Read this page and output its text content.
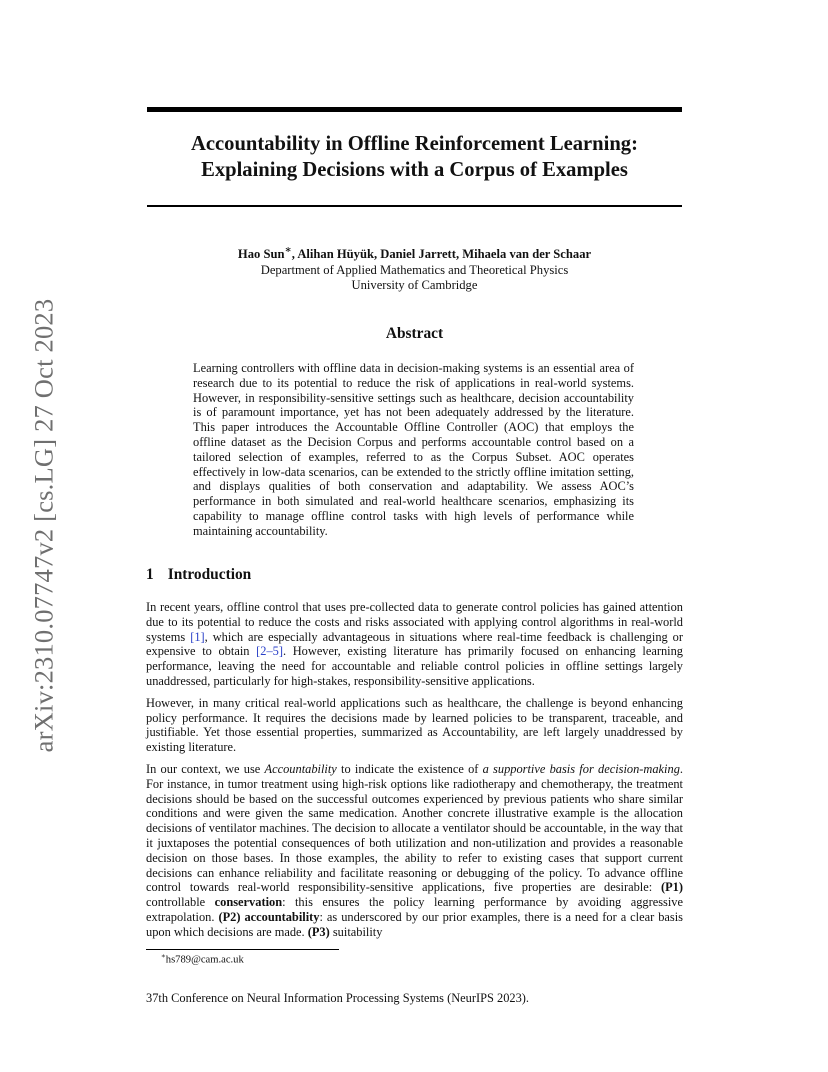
arXiv:2310.07747v2 [cs.LG] 27 Oct 2023
Accountability in Offline Reinforcement Learning:
Explaining Decisions with a Corpus of Examples
Hao Sun∗, Alihan Hüyük, Daniel Jarrett, Mihaela van der Schaar
Department of Applied Mathematics and Theoretical Physics
University of Cambridge
Abstract
Learning controllers with offline data in decision-making systems is an essential area of research due to its potential to reduce the risk of applications in real-world systems. However, in responsibility-sensitive settings such as healthcare, decision accountability is of paramount importance, yet has not been adequately addressed by the literature. This paper introduces the Accountable Offline Controller (AOC) that employs the offline dataset as the Decision Corpus and performs accountable control based on a tailored selection of examples, referred to as the Corpus Subset. AOC operates effectively in low-data scenarios, can be extended to the strictly offline imitation setting, and displays qualities of both conservation and adaptability. We assess AOC’s performance in both simulated and real-world healthcare scenarios, emphasizing its capability to manage offline control tasks with high levels of performance while maintaining accountability.
1 Introduction

In recent years, offline control that uses pre-collected data to generate control policies has gained attention due to its potential to reduce the costs and risks associated with applying control algorithms in real-world systems [1], which are especially advantageous in situations where real-time feedback is challenging or expensive to obtain [2–5]. However, existing literature has primarily focused on enhancing learning performance, leaving the need for accountable and reliable control policies in offline settings largely unaddressed, particularly for high-stakes, responsibility-sensitive applications.

However, in many critical real-world applications such as healthcare, the challenge is beyond enhancing policy performance. It requires the decisions made by learned policies to be transparent, traceable, and justifiable. Yet those essential properties, summarized as Accountability, are left largely unaddressed by existing literature.

In our context, we use Accountability to indicate the existence of a supportive basis for decision-making. For instance, in tumor treatment using high-risk options like radiotherapy and chemotherapy, the treatment decisions should be based on the successful outcomes experienced by previous patients who share similar conditions and were given the same medication. Another concrete illustrative example is the allocation decisions of ventilator machines. The decision to allocate a ventilator should be accountable, in the way that it juxtaposes the potential consequences of both utilization and non-utilization and provides a reasonable decision on those bases. In those examples, the ability to refer to existing cases that support current decisions can enhance reliability and facilitate reasoning or debugging of the policy. To advance offline control towards real-world responsibility-sensitive applications, five properties are desirable: (P1) controllable conservation: this ensures the policy learning performance by avoiding aggressive extrapolation. (P2) accountability: as underscored by our prior examples, there is a need for a clear basis upon which decisions are made. (P3) suitability

∗hs789@cam.ac.uk
37th Conference on Neural Information Processing Systems (NeurIPS 2023).
